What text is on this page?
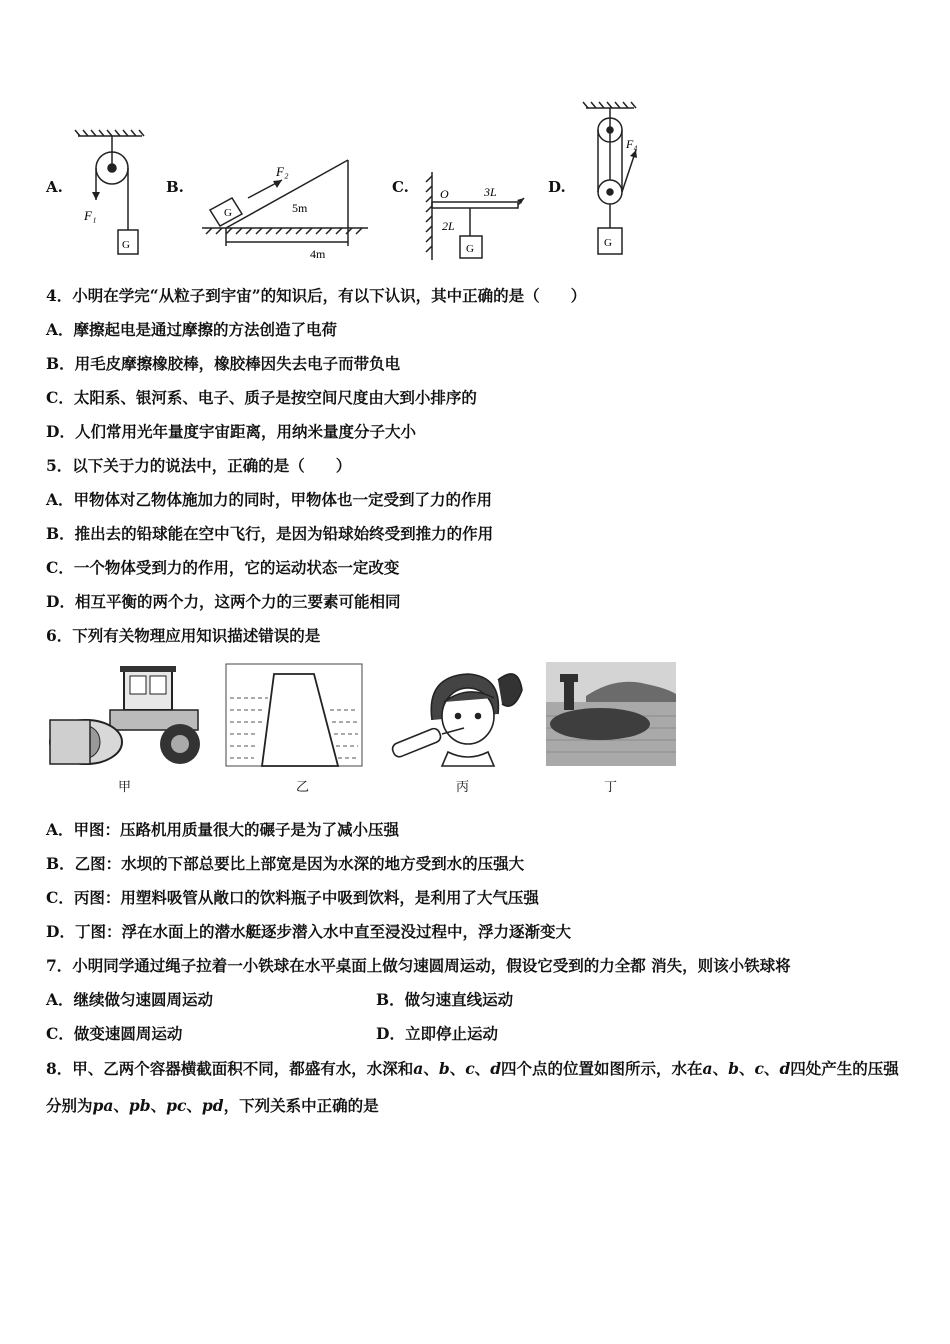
A.
F₁
G
B.
G
F₂
5m
4m
C.	O	3L
2L
G
D.
F₄
G
4．小明在学完“从粒子到宇宙”的知识后，有以下认识，其中正确的是（　　）
A．摩擦起电是通过摩擦的方法创造了电荷
B．用毛皮摩擦橡胶棒，橡胶棒因失去电子而带负电
C．太阳系、银河系、电子、质子是按空间尺度由大到小排序的
D．人们常用光年量度宇宙距离，用纳米量度分子大小
5．以下关于力的说法中，正确的是（　　）
A．甲物体对乙物体施加力的同时，甲物体也一定受到了力的作用
B．推出去的铅球能在空中飞行，是因为铅球始终受到推力的作用
C．一个物体受到力的作用，它的运动状态一定改变
D．相互平衡的两个力，这两个力的三要素可能相同
6．下列有关物理应用知识描述错误的是
甲	乙	丙	丁
A．甲图：压路机用质量很大的碾子是为了减小压强
B．乙图：水坝的下部总要比上部宽是因为水深的地方受到水的压强大
C．丙图：用塑料吸管从敞口的饮料瓶子中吸到饮料，是利用了大气压强
D．丁图：浮在水面上的潜水艇逐步潜入水中直至浸没过程中，浮力逐渐变大
7．小明同学通过绳子拉着一小铁球在水平桌面上做匀速圆周运动，假设它受到的力全都 消失，则该小铁球将
A．继续做匀速圆周运动	B．做匀速直线运动
C．做变速圆周运动	D．立即停止运动
8．甲、乙两个容器横截面积不同，都盛有水，水深和a、b、c、d四个点的位置如图所示，水在a、b、c、d四处产生的压强
分别为pa、pb、pc、pd，下列关系中正确的是
